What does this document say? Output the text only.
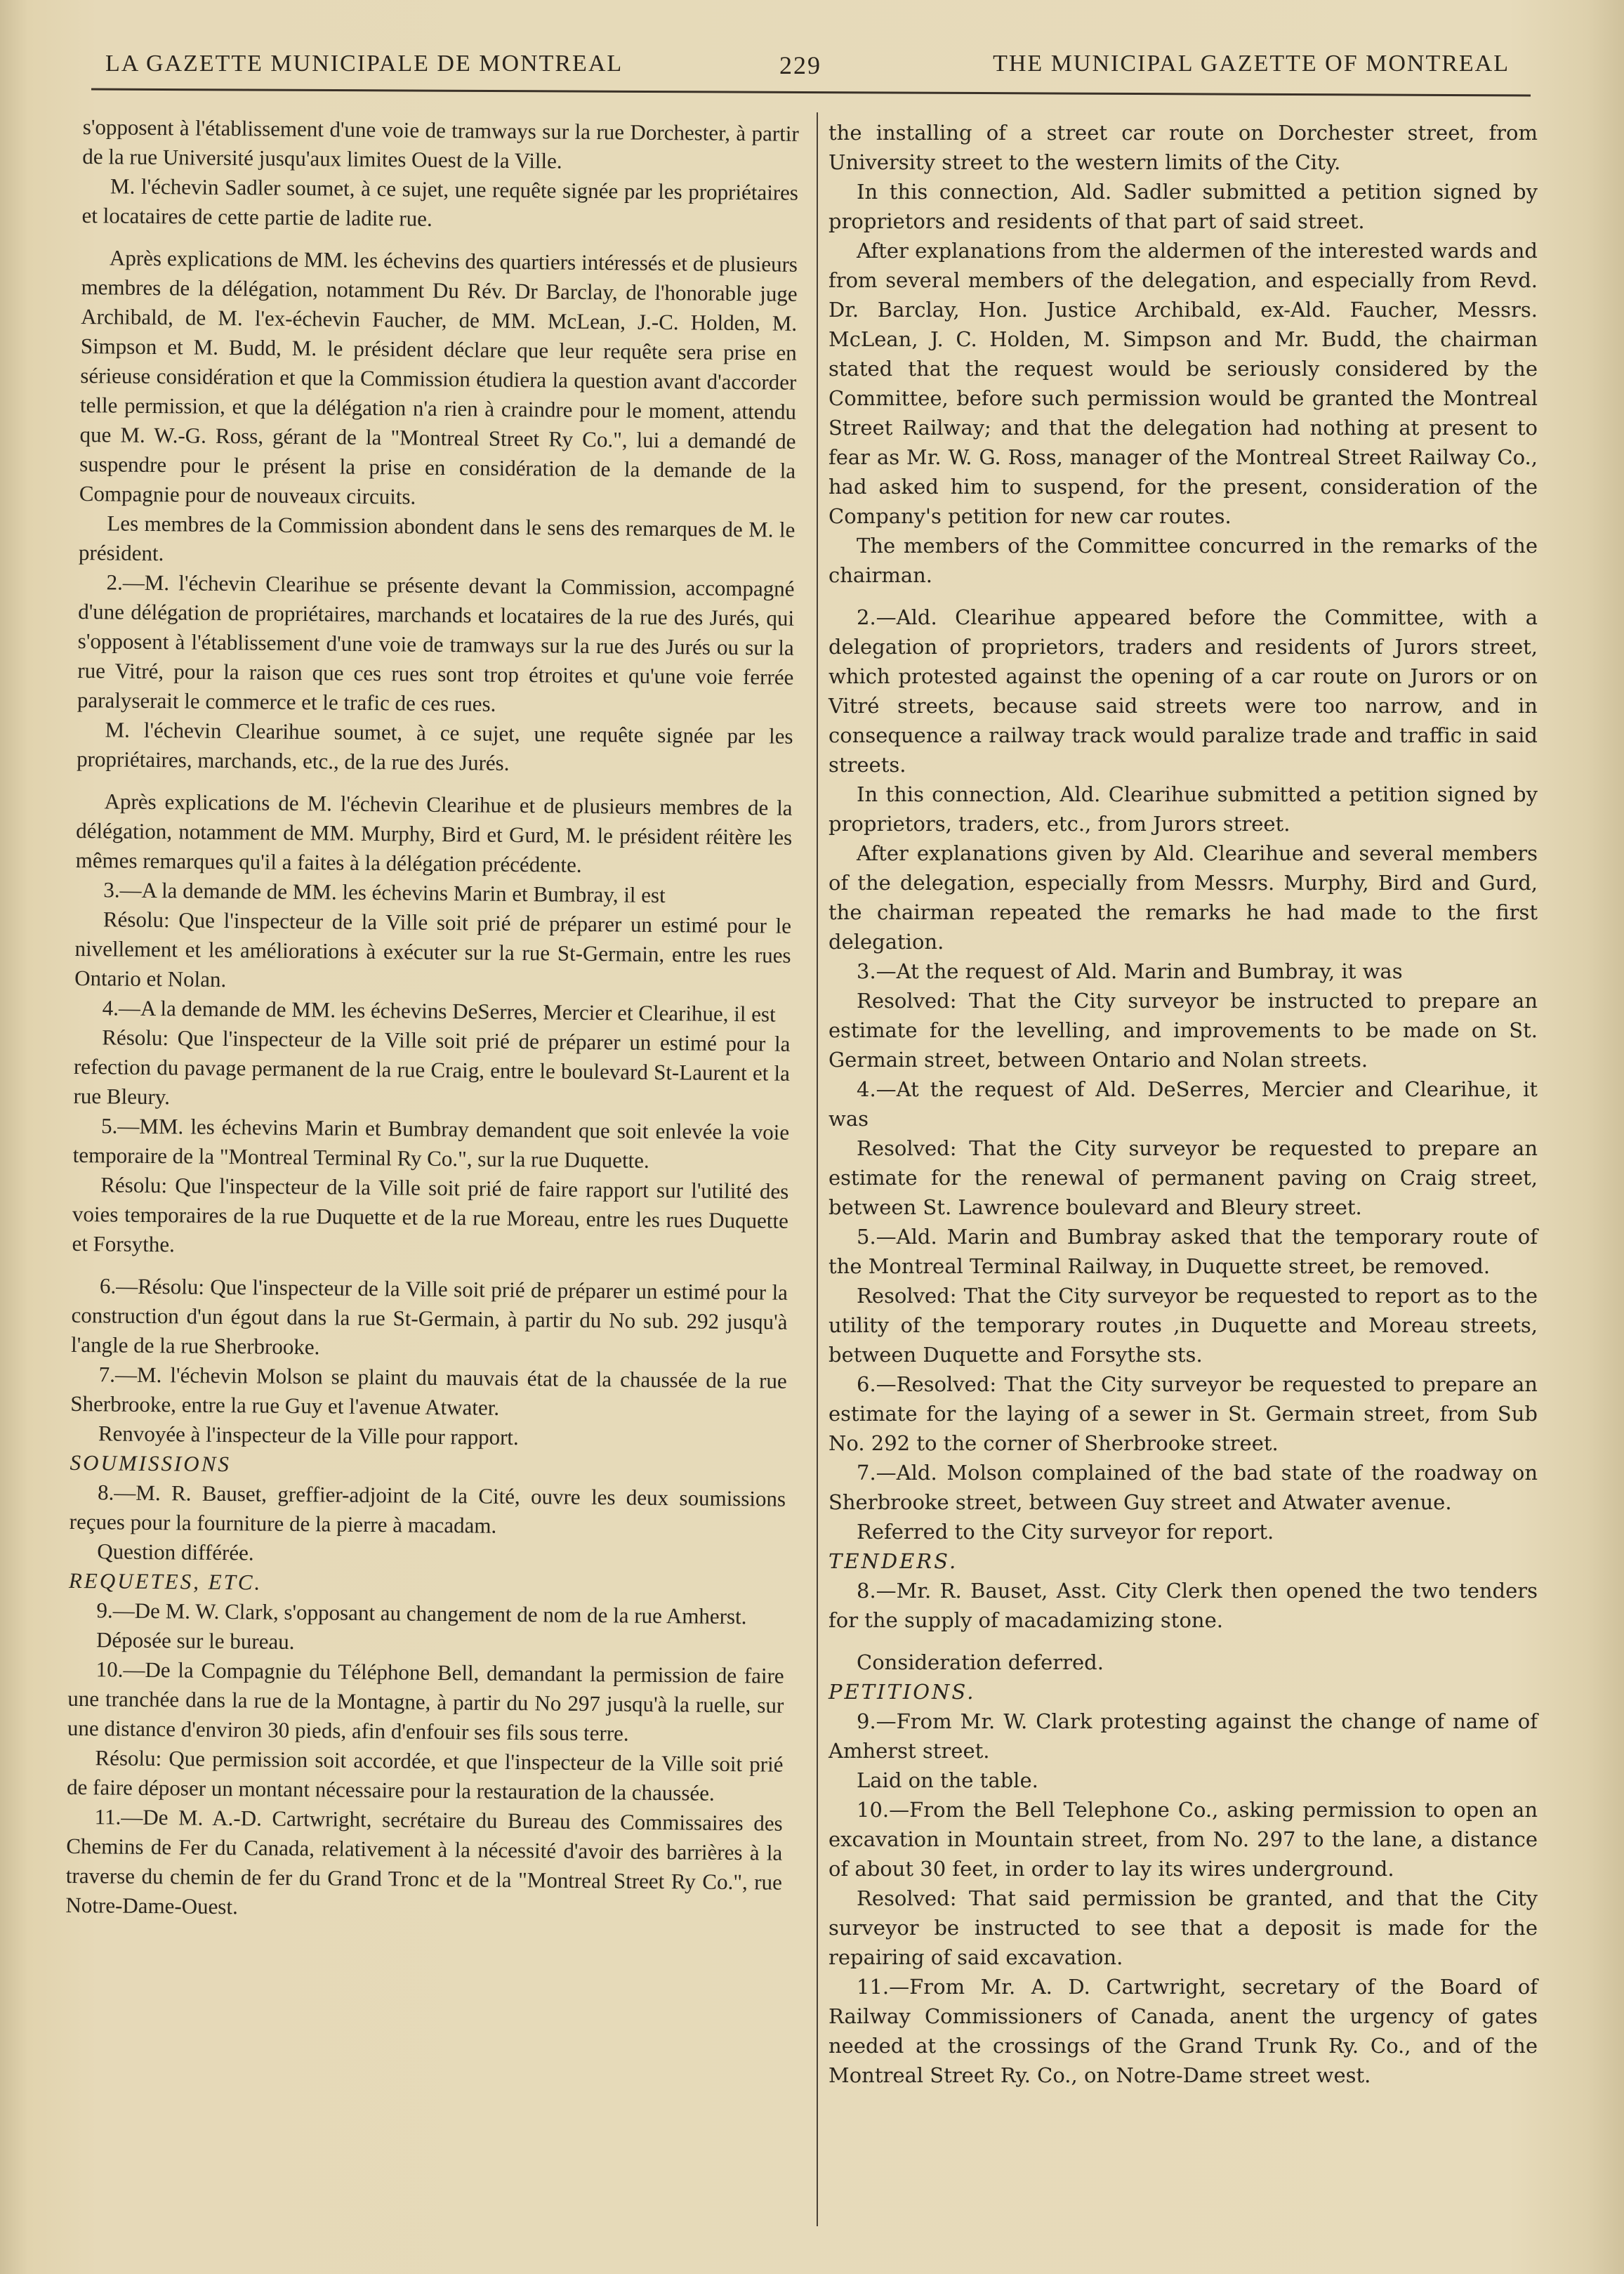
LA GAZETTE MUNICIPALE DE MONTREAL	229	THE MUNICIPAL GAZETTE OF MONTREAL

s'opposent à l'établissement d'une voie de tramways sur la rue Dorchester, à partir de la rue Université jusqu'aux limites Ouest de la Ville.

M. l'échevin Sadler soumet, à ce sujet, une requête signée par les propriétaires et locataires de cette partie de ladite rue.

Après explications de MM. les échevins des quartiers intéressés et de plusieurs membres de la délégation, notamment Du Rév. Dr Barclay, de l'honorable juge Archibald, de M. l'ex-échevin Faucher, de MM. McLean, J.-C. Holden, M. Simpson et M. Budd, M. le président déclare que leur requête sera prise en sérieuse considération et que la Commission étudiera la question avant d'accorder telle permission, et que la délégation n'a rien à craindre pour le moment, attendu que M. W.-G. Ross, gérant de la "Montreal Street Ry Co.", lui a demandé de suspendre pour le présent la prise en considération de la demande de la Compagnie pour de nouveaux circuits.

Les membres de la Commission abondent dans le sens des remarques de M. le président.

2.—M. l'échevin Clearihue se présente devant la Commission, accompagné d'une délégation de propriétaires, marchands et locataires de la rue des Jurés, qui s'opposent à l'établissement d'une voie de tramways sur la rue des Jurés ou sur la rue Vitré, pour la raison que ces rues sont trop étroites et qu'une voie ferrée paralyserait le commerce et le trafic de ces rues.

M. l'échevin Clearihue soumet, à ce sujet, une requête signée par les propriétaires, marchands, etc., de la rue des Jurés.

Après explications de M. l'échevin Clearihue et de plusieurs membres de la délégation, notamment de MM. Murphy, Bird et Gurd, M. le président réitère les mêmes remarques qu'il a faites à la délégation précédente.

3.—A la demande de MM. les échevins Marin et Bumbray, il est

Résolu: Que l'inspecteur de la Ville soit prié de préparer un estimé pour le nivellement et les améliorations à exécuter sur la rue St-Germain, entre les rues Ontario et Nolan.

4.—A la demande de MM. les échevins DeSerres, Mercier et Clearihue, il est

Résolu: Que l'inspecteur de la Ville soit prié de préparer un estimé pour la refection du pavage permanent de la rue Craig, entre le boulevard St-Laurent et la rue Bleury.

5.—MM. les échevins Marin et Bumbray demandent que soit enlevée la voie temporaire de la "Montreal Terminal Ry Co.", sur la rue Duquette.

Résolu: Que l'inspecteur de la Ville soit prié de faire rapport sur l'utilité des voies temporaires de la rue Duquette et de la rue Moreau, entre les rues Duquette et Forsythe.

6.—Résolu: Que l'inspecteur de la Ville soit prié de préparer un estimé pour la construction d'un égout dans la rue St-Germain, à partir du No sub. 292 jusqu'à l'angle de la rue Sherbrooke.

7.—M. l'échevin Molson se plaint du mauvais état de la chaussée de la rue Sherbrooke, entre la rue Guy et l'avenue Atwater.

Renvoyée à l'inspecteur de la Ville pour rapport.

SOUMISSIONS

8.—M. R. Bauset, greffier-adjoint de la Cité, ouvre les deux soumissions reçues pour la fourniture de la pierre à macadam.

Question différée.

REQUETES, ETC.

9.—De M. W. Clark, s'opposant au changement de nom de la rue Amherst.

Déposée sur le bureau.

10.—De la Compagnie du Téléphone Bell, demandant la permission de faire une tranchée dans la rue de la Montagne, à partir du No 297 jusqu'à la ruelle, sur une distance d'environ 30 pieds, afin d'enfouir ses fils sous terre.

Résolu: Que permission soit accordée, et que l'inspecteur de la Ville soit prié de faire déposer un montant nécessaire pour la restauration de la chaussée.

11.—De M. A.-D. Cartwright, secrétaire du Bureau des Commissaires des Chemins de Fer du Canada, relativement à la nécessité d'avoir des barrières à la traverse du chemin de fer du Grand Tronc et de la "Montreal Street Ry Co.", rue Notre-Dame-Ouest.

the installing of a street car route on Dorchester street, from University street to the western limits of the City.

In this connection, Ald. Sadler submitted a petition signed by proprietors and residents of that part of said street.

After explanations from the aldermen of the interested wards and from several members of the delegation, and especially from Revd. Dr. Barclay, Hon. Justice Archibald, ex-Ald. Faucher, Messrs. McLean, J. C. Holden, M. Simpson and Mr. Budd, the chairman stated that the request would be seriously considered by the Committee, before such permission would be granted the Montreal Street Railway; and that the delegation had nothing at present to fear as Mr. W. G. Ross, manager of the Montreal Street Railway Co., had asked him to suspend, for the present, consideration of the Company's petition for new car routes.

The members of the Committee concurred in the remarks of the chairman.

2.—Ald. Clearihue appeared before the Committee, with a delegation of proprietors, traders and residents of Jurors street, which protested against the opening of a car route on Jurors or on Vitré streets, because said streets were too narrow, and in consequence a railway track would paralize trade and traffic in said streets.

In this connection, Ald. Clearihue submitted a petition signed by proprietors, traders, etc., from Jurors street.

After explanations given by Ald. Clearihue and several members of the delegation, especially from Messrs. Murphy, Bird and Gurd, the chairman repeated the remarks he had made to the first delegation.

3.—At the request of Ald. Marin and Bumbray, it was

Resolved: That the City surveyor be instructed to prepare an estimate for the levelling, and improvements to be made on St. Germain street, between Ontario and Nolan streets.

4.—At the request of Ald. DeSerres, Mercier and Clearihue, it was

Resolved: That the City surveyor be requested to prepare an estimate for the renewal of permanent paving on Craig street, between St. Lawrence boulevard and Bleury street.

5.—Ald. Marin and Bumbray asked that the temporary route of the Montreal Terminal Railway, in Duquette street, be removed.

Resolved: That the City surveyor be requested to report as to the utility of the temporary routes ,in Duquette and Moreau streets, between Duquette and Forsythe sts.

6.—Resolved: That the City surveyor be requested to prepare an estimate for the laying of a sewer in St. Germain street, from Sub No. 292 to the corner of Sherbrooke street.

7.—Ald. Molson complained of the bad state of the roadway on Sherbrooke street, between Guy street and Atwater avenue.

Referred to the City surveyor for report.

TENDERS.

8.—Mr. R. Bauset, Asst. City Clerk then opened the two tenders for the supply of macadamizing stone.

Consideration deferred.

PETITIONS.

9.—From Mr. W. Clark protesting against the change of name of Amherst street.

Laid on the table.

10.—From the Bell Telephone Co., asking permission to open an excavation in Mountain street, from No. 297 to the lane, a distance of about 30 feet, in order to lay its wires underground.

Resolved: That said permission be granted, and that the City surveyor be instructed to see that a deposit is made for the repairing of said excavation.

11.—From Mr. A. D. Cartwright, secretary of the Board of Railway Commissioners of Canada, anent the urgency of gates needed at the crossings of the Grand Trunk Ry. Co., and of the Montreal Street Ry. Co., on Notre-Dame street west.
